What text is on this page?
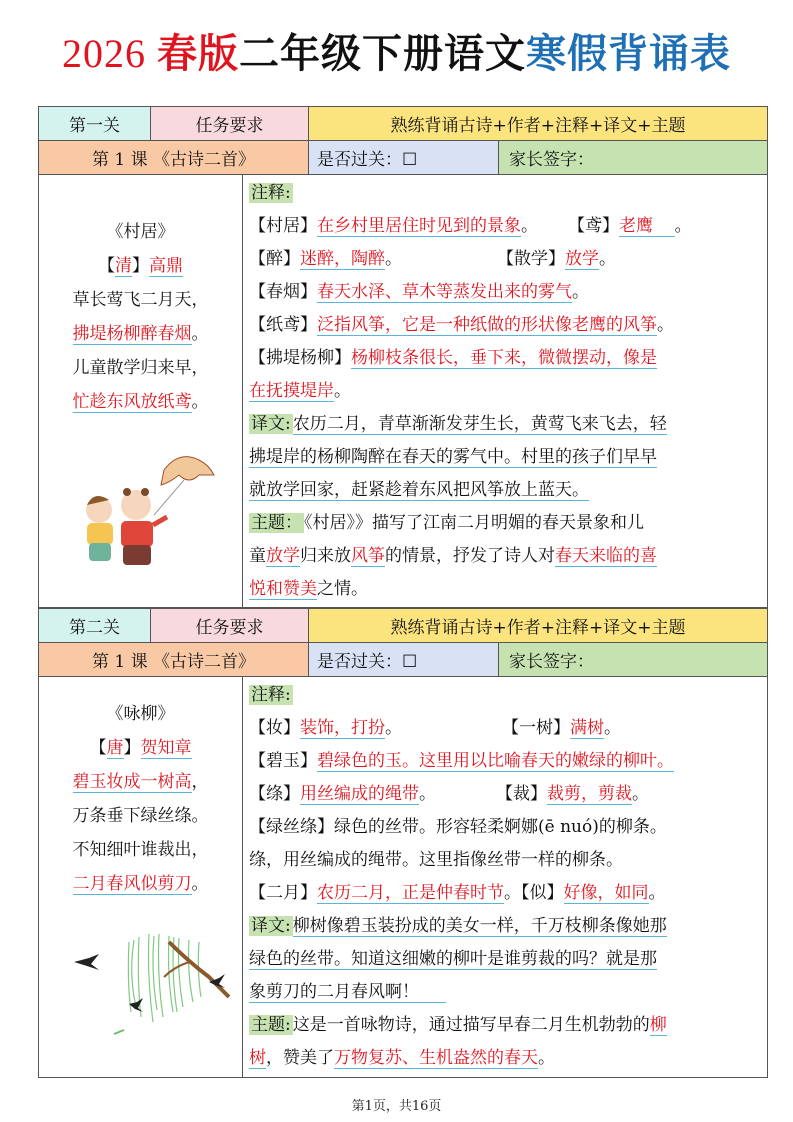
2026 春版二年级下册语文寒假背诵表
第一关	任务要求	熟练背诵古诗+作者+注释+译文+主题
第 1 课 《古诗二首》	是否过关：☐	家长签字：
《村居》
【清】高鼎
草长莺飞二月天，
拂堤杨柳醉春烟。
儿童散学归来早，
忙趁东风放纸鸢。
注释:
【村居】在乡村里居住时见到的景象。 【鸢】老鹰 。
【醉】迷醉，陶醉。	【散学】放学。
【春烟】春天水泽、草木等蒸发出来的雾气。
【纸鸢】泛指风筝，它是一种纸做的形状像老鹰的风筝。
【拂堤杨柳】杨柳枝条很长，垂下来，微微摆动，像是
在抚摸堤岸。
译文: 农历二月，青草渐渐发芽生长，黄莺飞来飞去，轻
拂堤岸的杨柳陶醉在春天的雾气中。村里的孩子们早早
就放学回家，赶紧趁着东风把风筝放上蓝天。
主题： 《村居》》描写了江南二月明媚的春天景象和儿
童放学归来放风筝的情景，抒发了诗人对春天来临的喜
悦和赞美之情。
第二关	任务要求	熟练背诵古诗+作者+注释+译文+主题
第 1 课 《古诗二首》	是否过关：☐	家长签字：
《咏柳》
【唐】贺知章
碧玉妆成一树高，
万条垂下绿丝绦。
不知细叶谁裁出，
二月春风似剪刀。
注释:
【妆】装饰，打扮。	【一树】满树。
【碧玉】碧绿色的玉。这里用以比喻春天的嫩绿的柳叶。
【绦】用丝编成的绳带。	【裁】裁剪，剪裁。
【绿丝绦】绿色的丝带。形容轻柔婀娜(ē nuó)的柳条。
绦，用丝编成的绳带。这里指像丝带一样的柳条。
【二月】农历二月，正是仲春时节。【似】好像，如同。
译文: 柳树像碧玉装扮成的美女一样，千万枝柳条像她那
绿色的丝带。知道这细嫩的柳叶是谁剪裁的吗？就是那
象剪刀的二月春风啊！
主题: 这是一首咏物诗，通过描写早春二月生机勃勃的柳
树，赞美了万物复苏、生机盎然的春天。
第1页，共16页
